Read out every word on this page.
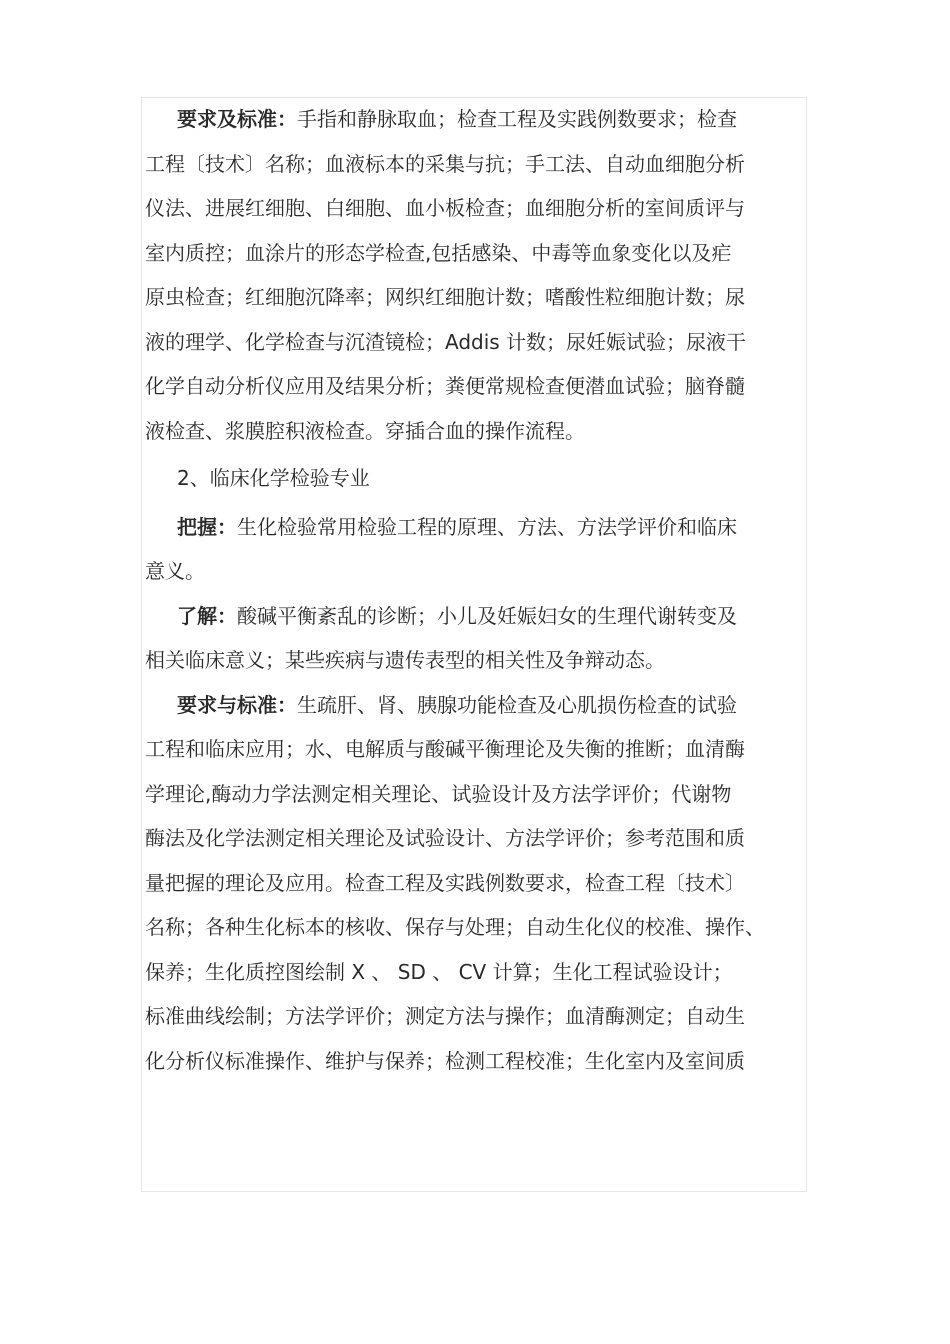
要求及标准：手指和静脉取血；检查工程及实践例数要求；检查
工程〔技术〕名称；血液标本的采集与抗；手工法、自动血细胞分析
仪法、进展红细胞、白细胞、血小板检查；血细胞分析的室间质评与
室内质控；血涂片的形态学检查,包括感染、中毒等血象变化以及疟
原虫检查；红细胞沉降率；网织红细胞计数；嗜酸性粒细胞计数；尿
液的理学、化学检查与沉渣镜检；Addis 计数；尿妊娠试验；尿液干
化学自动分析仪应用及结果分析；粪便常规检查便潜血试验；脑脊髓
液检查、浆膜腔积液检查。穿插合血的操作流程。
2、临床化学检验专业
把握：生化检验常用检验工程的原理、方法、方法学评价和临床
意义。
了解：酸碱平衡紊乱的诊断；小儿及妊娠妇女的生理代谢转变及
相关临床意义；某些疾病与遗传表型的相关性及争辩动态。
要求与标准：生疏肝、肾、胰腺功能检查及心肌损伤检查的试验
工程和临床应用；水、电解质与酸碱平衡理论及失衡的推断；血清酶
学理论,酶动力学法测定相关理论、试验设计及方法学评价；代谢物
酶法及化学法测定相关理论及试验设计、方法学评价；参考范围和质
量把握的理论及应用。检查工程及实践例数要求，检查工程〔技术〕
名称；各种生化标本的核收、保存与处理；自动生化仪的校准、操作、
保养；生化质控图绘制 X 、 SD 、 CV 计算；生化工程试验设计；
标准曲线绘制；方法学评价；测定方法与操作；血清酶测定；自动生
化分析仪标准操作、维护与保养；检测工程校准；生化室内及室间质
